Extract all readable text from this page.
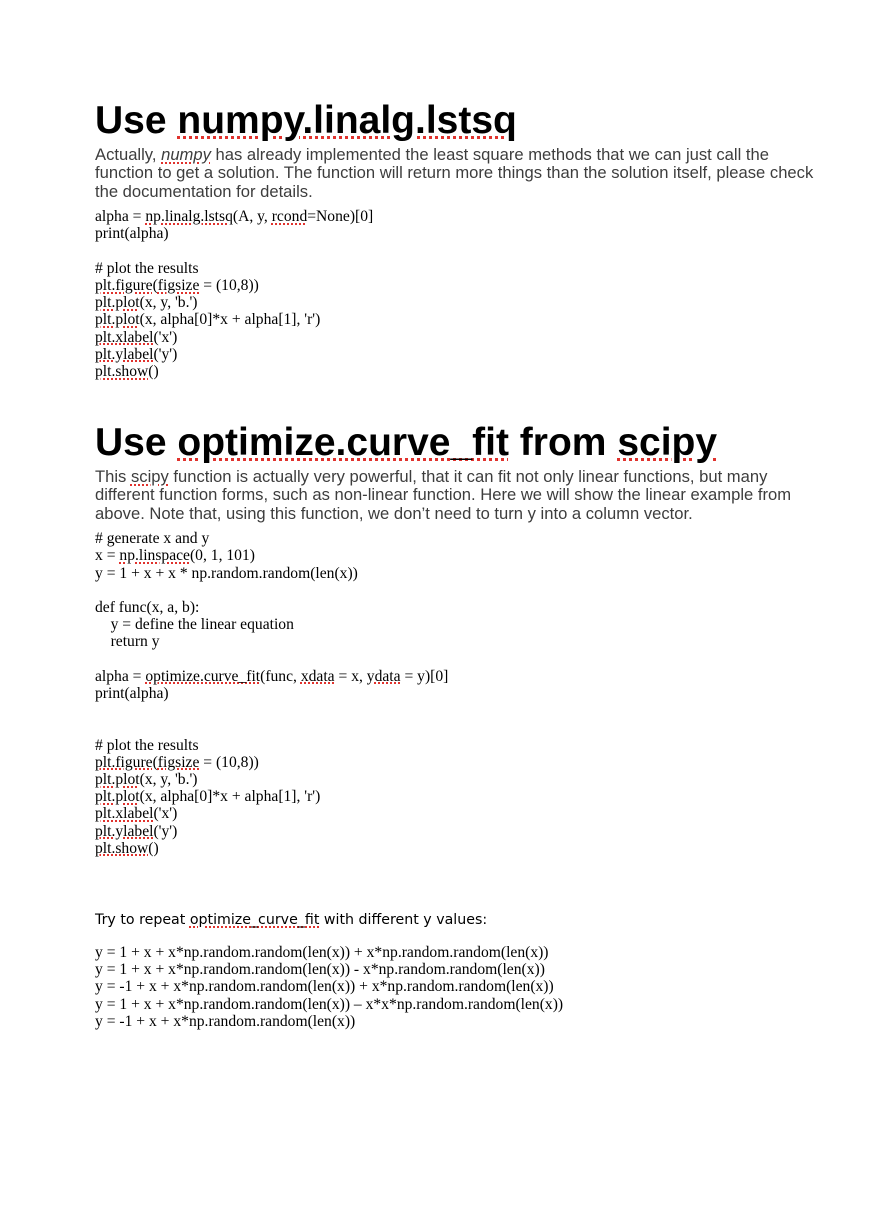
Use numpy.linalg.lstsq

Actually, numpy has already implemented the least square methods that we can just call the function to get a solution. The function will return more things than the solution itself, please check the documentation for details.

alpha = np.linalg.lstsq(A, y, rcond=None)[0]
print(alpha)

# plot the results
plt.figure(figsize = (10,8))
plt.plot(x, y, 'b.')
plt.plot(x, alpha[0]*x + alpha[1], 'r')
plt.xlabel('x')
plt.ylabel('y')
plt.show()
Use optimize.curve_fit from scipy

This scipy function is actually very powerful, that it can fit not only linear functions, but many different function forms, such as non-linear function. Here we will show the linear example from above. Note that, using this function, we don’t need to turn y into a column vector.

# generate x and y
x = np.linspace(0, 1, 101)
y = 1 + x + x * np.random.random(len(x))

def func(x, a, b):
y = define the linear equation
return y

alpha = optimize.curve_fit(func, xdata = x, ydata = y)[0]
print(alpha)

# plot the results
plt.figure(figsize = (10,8))
plt.plot(x, y, 'b.')
plt.plot(x, alpha[0]*x + alpha[1], 'r')
plt.xlabel('x')
plt.ylabel('y')
plt.show()

Try to repeat optimize_curve_fit with different y values:

y = 1 + x + x*np.random.random(len(x)) + x*np.random.random(len(x))
y = 1 + x + x*np.random.random(len(x)) - x*np.random.random(len(x))
y = -1 + x + x*np.random.random(len(x)) + x*np.random.random(len(x))
y = 1 + x + x*np.random.random(len(x)) – x*x*np.random.random(len(x))
y = -1 + x + x*np.random.random(len(x))
